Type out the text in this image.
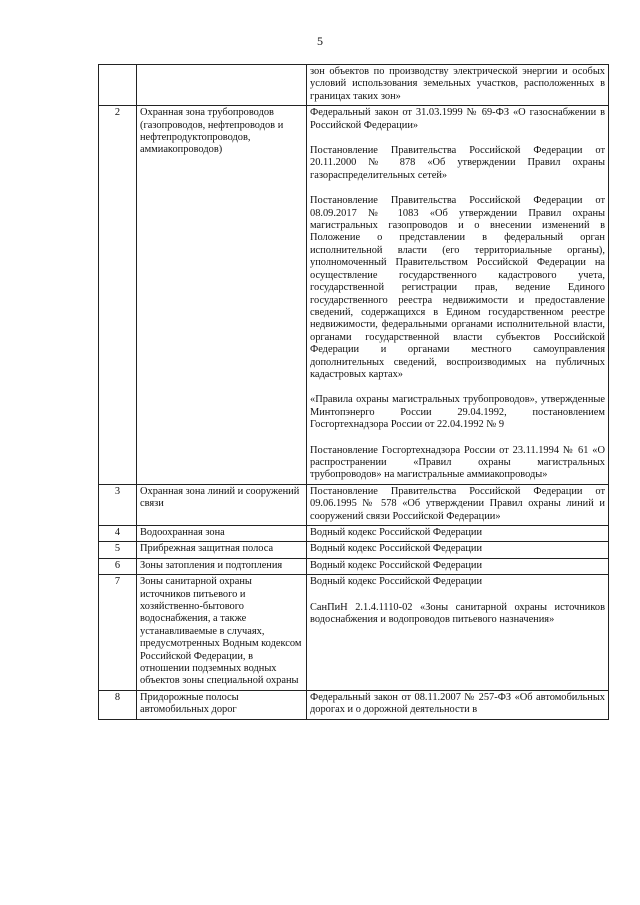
5

		зон объектов по производству электрической энергии и особых условий использования земельных участков, расположенных в границах таких зон»

2	Охранная зона трубопроводов (газопроводов, нефтепроводов и нефтепродуктопроводов, аммиакопроводов)	Федеральный закон от 31.03.1999 № 69-ФЗ «О газоснабжении в Российской Федерации»
Постановление Правительства Российской Федерации от 20.11.2000 № 878 «Об утверждении Правил охраны газораспределительных сетей»
Постановление Правительства Российской Федерации от 08.09.2017 № 1083 «Об утверждении Правил охраны магистральных газопроводов и о внесении изменений в Положение о представлении в федеральный орган исполнительной власти (его территориальные органы), уполномоченный Правительством Российской Федерации на осуществление государственного кадастрового учета, государственной регистрации прав, ведение Единого государственного реестра недвижимости и предоставление сведений, содержащихся в Едином государственном реестре недвижимости, федеральными органами исполнительной власти, органами государственной власти субъектов Российской Федерации и органами местного самоуправления дополнительных сведений, воспроизводимых на публичных кадастровых картах»
«Правила охраны магистральных трубопроводов», утвержденные Минтопэнерго России 29.04.1992, постановлением Госгортехнадзора России от 22.04.1992 № 9
Постановление Госгортехнадзора России от 23.11.1994 № 61 «О распространении «Правил охраны магистральных трубопроводов» на магистральные аммиакопроводы»

3	Охранная зона линий и сооружений связи	Постановление Правительства Российской Федерации от 09.06.1995 № 578 «Об утверждении Правил охраны линий и сооружений связи Российской Федерации»

4	Водоохранная зона	Водный кодекс Российской Федерации

5	Прибрежная защитная полоса	Водный кодекс Российской Федерации

6	Зоны затопления и подтопления	Водный кодекс Российской Федерации

7	Зоны санитарной охраны источников питьевого и хозяйственно-бытового водоснабжения, а также устанавливаемые в случаях, предусмотренных Водным кодексом Российской Федерации, в отношении подземных водных объектов зоны специальной охраны	Водный кодекс Российской Федерации
СанПиН 2.1.4.1110-02 «Зоны санитарной охраны источников водоснабжения и водопроводов питьевого назначения»

8	Придорожные полосы автомобильных дорог	Федеральный закон от 08.11.2007 № 257-ФЗ «Об автомобильных дорогах и о дорожной деятельности в
